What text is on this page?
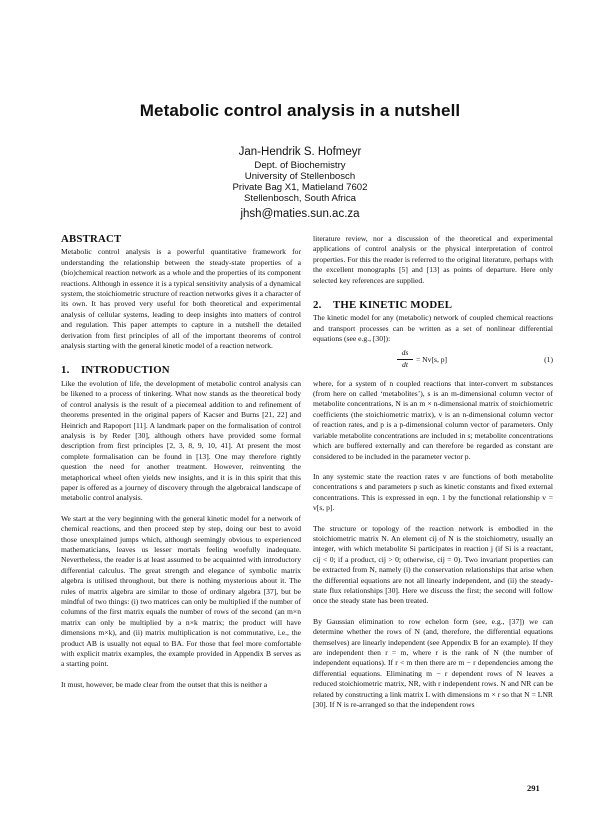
Metabolic control analysis in a nutshell
Jan-Hendrik S. Hofmeyr
Dept. of Biochemistry
University of Stellenbosch
Private Bag X1, Matieland 7602
Stellenbosch, South Africa
jhsh@maties.sun.ac.za
ABSTRACT

Metabolic control analysis is a powerful quantitative framework for understanding the relationship between the steady-state properties of a (bio)chemical reaction network as a whole and the properties of its component reactions. Although in essence it is a typical sensitivity analysis of a dynamical system, the stoichiometric structure of reaction networks gives it a character of its own. It has proved very useful for both theoretical and experimental analysis of cellular systems, leading to deep insights into matters of control and regulation. This paper attempts to capture in a nutshell the detailed derivation from first principles of all of the important theorems of control analysis starting with the general kinetic model of a reaction network.

1. INTRODUCTION

Like the evolution of life, the development of metabolic control analysis can be likened to a process of tinkering. What now stands as the theoretical body of control analysis is the result of a piecemeal addition to and refinement of theorems presented in the original papers of Kacser and Burns [21, 22] and Heinrich and Rapoport [11]. A landmark paper on the formalisation of control analysis is by Reder [30], although others have provided some formal description from first principles [2, 3, 8, 9, 10, 41]. At present the most complete formalisation can be found in [13]. One may therefore rightly question the need for another treatment. However, reinventing the metaphorical wheel often yields new insights, and it is in this spirit that this paper is offered as a journey of discovery through the algebraical landscape of metabolic control analysis.

We start at the very beginning with the general kinetic model for a network of chemical reactions, and then proceed step by step, doing our best to avoid those unexplained jumps which, although seemingly obvious to experienced mathematicians, leaves us lesser mortals feeling woefully inadequate. Nevertheless, the reader is at least assumed to be acquainted with introductory differential calculus. The great strength and elegance of symbolic matrix algebra is utilised throughout, but there is nothing mysterious about it. The rules of matrix algebra are similar to those of ordinary algebra [37], but be mindful of two things: (i) two matrices can only be multiplied if the number of columns of the first matrix equals the number of rows of the second (an m×n matrix can only be multiplied by a n×k matrix; the product will have dimensions m×k), and (ii) matrix multiplication is not commutative, i.e., the product AB is usually not equal to BA. For those that feel more comfortable with explicit matrix examples, the example provided in Appendix B serves as a starting point.

It must, however, be made clear from the outset that this is neither a

literature review, nor a discussion of the theoretical and experimental applications of control analysis or the physical interpretation of control properties. For this the reader is referred to the original literature, perhaps with the excellent monographs [5] and [13] as points of departure. Here only selected key references are supplied.

2. THE KINETIC MODEL

The kinetic model for any (metabolic) network of coupled chemical reactions and transport processes can be written as a set of nonlinear differential equations (see e.g., [30]):

ds
dt
= Nv[s, p]	(1)

where, for a system of n coupled reactions that inter-convert m substances (from here on called ‘metabolites’), s is an m-dimensional column vector of metabolite concentrations, N is an m × n-dimensional matrix of stoichiometric coefficients (the stoichiometric matrix), v is an n-dimensional column vector of reaction rates, and p is a p-dimensional column vector of parameters. Only variable metabolite concentrations are included in s; metabolite concentrations which are buffered externally and can therefore be regarded as constant are considered to be included in the parameter vector p.

In any systemic state the reaction rates v are functions of both metabolite concentrations s and parameters p such as kinetic constants and fixed external concentrations. This is expressed in eqn. 1 by the functional relationship v = v[s, p].

The structure or topology of the reaction network is embodied in the stoichiometric matrix N. An element cij of N is the stoichiometry, usually an integer, with which metabolite Si participates in reaction j (if Si is a reactant, cij < 0; if a product, cij > 0; otherwise, cij = 0). Two invariant properties can be extracted from N, namely (i) the conservation relationships that arise when the differential equations are not all linearly independent, and (ii) the steady-state flux relationships [30]. Here we discuss the first; the second will follow once the steady state has been treated.

By Gaussian elimination to row echelon form (see, e.g., [37]) we can determine whether the rows of N (and, therefore, the differential equations themselves) are linearly independent (see Appendix B for an example). If they are independent then r = m, where r is the rank of N (the number of independent equations). If r < m then there are m − r dependencies among the differential equations. Eliminating m − r dependent rows of N leaves a reduced stoichiometric matrix, NR, with r independent rows. N and NR can be related by constructing a link matrix L with dimensions m × r so that N = LNR [30]. If N is re-arranged so that the independent rows

291
